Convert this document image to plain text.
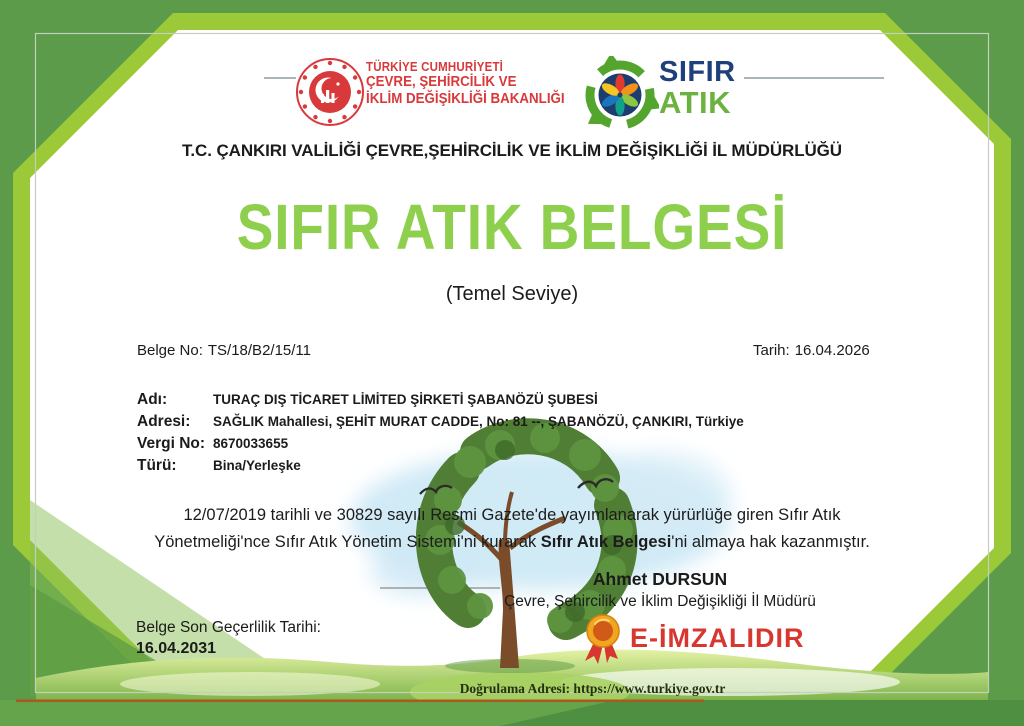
TÜRKİYE CUMHURİYETİ
ÇEVRE, ŞEHİRCİLİK VE
İKLİM DEĞİŞİKLİĞİ BAKANLIĞI
SIFIR
ATIK
T.C. ÇANKIRI VALİLİĞİ ÇEVRE,ŞEHİRCİLİK VE İKLİM DEĞİŞİKLİĞİ İL MÜDÜRLÜĞÜ
SIFIR ATIK BELGESİ
(Temel Seviye)
Belge No: TS/18/B2/15/11	Tarih: 16.04.2026
Adı:	TURAÇ DIŞ TİCARET LİMİTED ŞİRKETİ ŞABANÖZÜ ŞUBESİ
Adresi:	SAĞLIK Mahallesi, ŞEHİT MURAT CADDE, No: 81 --, ŞABANÖZÜ, ÇANKIRI, Türkiye
Vergi No: 8670033655
Türü:	Bina/Yerleşke
12/07/2019 tarihli ve 30829 sayılı Resmi Gazete'de yayımlanarak yürürlüğe giren Sıfır Atık
Yönetmeliği'nce Sıfır Atık Yönetim Sistemi'ni kurarak Sıfır Atık Belgesi'ni almaya hak kazanmıştır.
Ahmet DURSUN
Çevre, Şehircilik ve İklim Değişikliği İl Müdürü
E-İMZALIDIR
Belge Son Geçerlilik Tarihi:
16.04.2031
Doğrulama Adresi: https://www.turkiye.gov.tr
